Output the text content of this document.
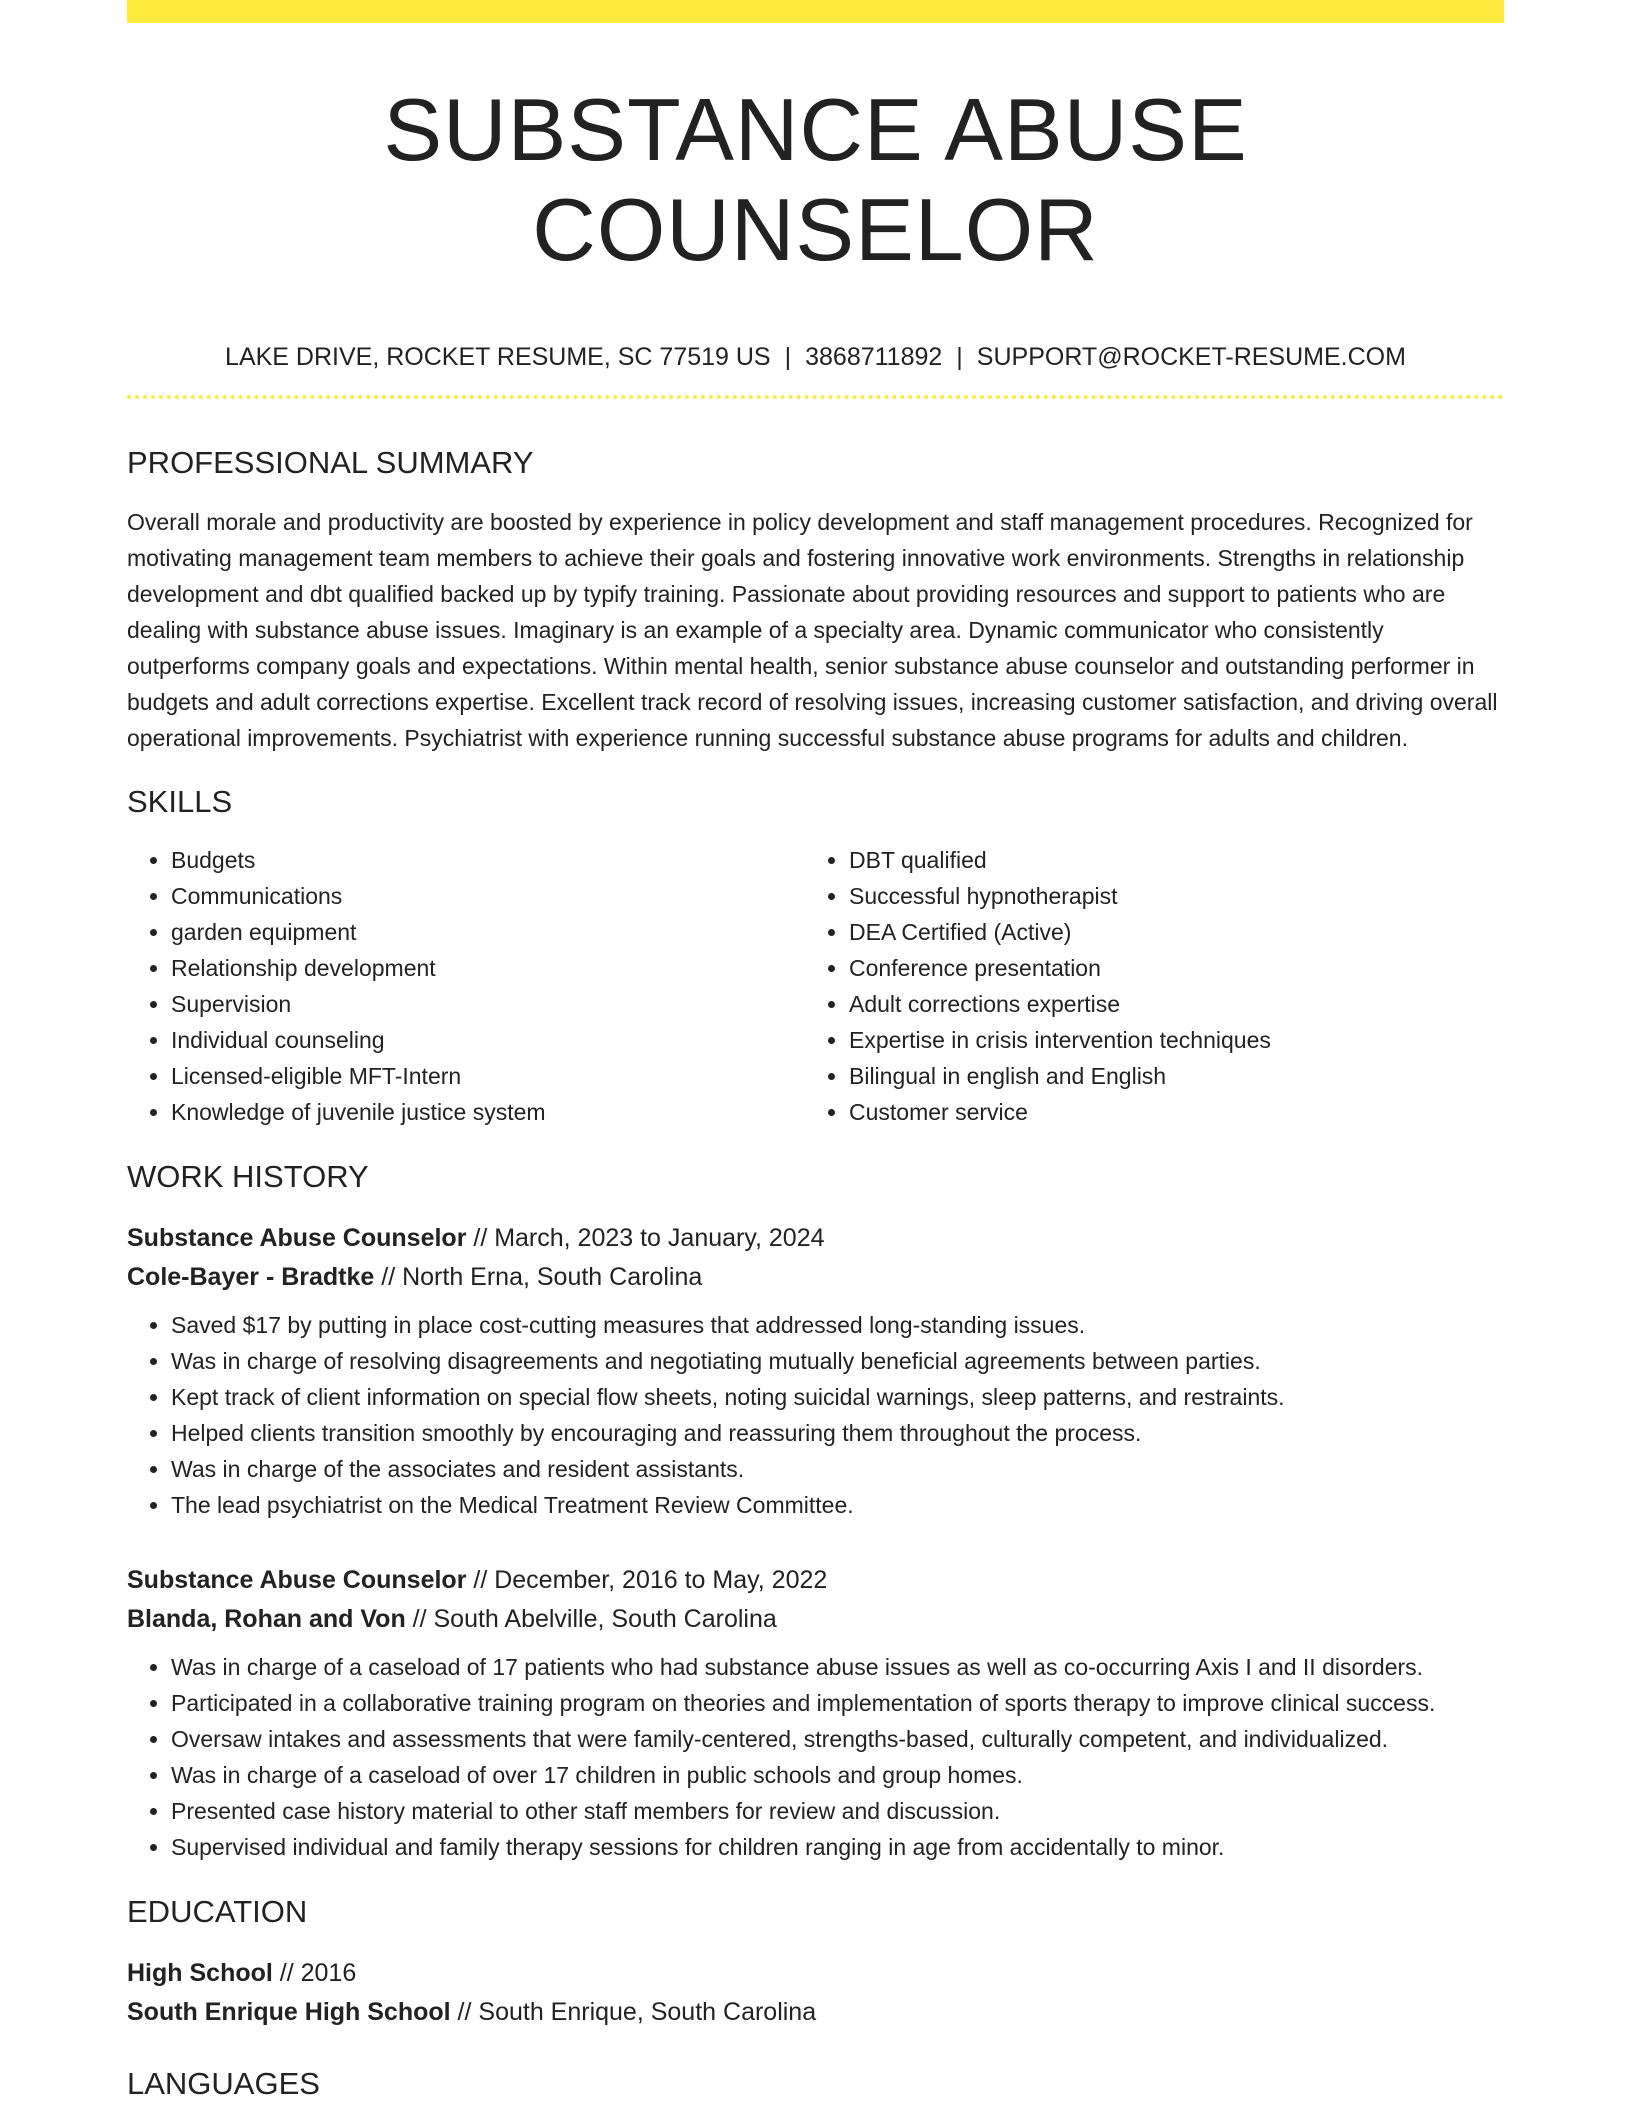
SUBSTANCE ABUSE COUNSELOR
LAKE DRIVE, ROCKET RESUME, SC 77519 US | 3868711892 | SUPPORT@ROCKET-RESUME.COM
PROFESSIONAL SUMMARY

Overall morale and productivity are boosted by experience in policy development and staff management procedures. Recognized for motivating management team members to achieve their goals and fostering innovative work environments. Strengths in relationship development and dbt qualified backed up by typify training. Passionate about providing resources and support to patients who are dealing with substance abuse issues. Imaginary is an example of a specialty area. Dynamic communicator who consistently outperforms company goals and expectations. Within mental health, senior substance abuse counselor and outstanding performer in budgets and adult corrections expertise. Excellent track record of resolving issues, increasing customer satisfaction, and driving overall operational improvements. Psychiatrist with experience running successful substance abuse programs for adults and children.

SKILLS
• Budgets
• Communications
• garden equipment
• Relationship development
• Supervision
• Individual counseling
• Licensed-eligible MFT-Intern
• Knowledge of juvenile justice system
• DBT qualified
• Successful hypnotherapist
• DEA Certified (Active)
• Conference presentation
• Adult corrections expertise
• Expertise in crisis intervention techniques
• Bilingual in english and English
• Customer service
WORK HISTORY
Substance Abuse Counselor // March, 2023 to January, 2024
Cole-Bayer - Bradtke // North Erna, South Carolina
• Saved $17 by putting in place cost-cutting measures that addressed long-standing issues.
• Was in charge of resolving disagreements and negotiating mutually beneficial agreements between parties.
• Kept track of client information on special flow sheets, noting suicidal warnings, sleep patterns, and restraints.
• Helped clients transition smoothly by encouraging and reassuring them throughout the process.
• Was in charge of the associates and resident assistants.
• The lead psychiatrist on the Medical Treatment Review Committee.
Substance Abuse Counselor // December, 2016 to May, 2022
Blanda, Rohan and Von // South Abelville, South Carolina
• Was in charge of a caseload of 17 patients who had substance abuse issues as well as co-occurring Axis I and II disorders.
• Participated in a collaborative training program on theories and implementation of sports therapy to improve clinical success.
• Oversaw intakes and assessments that were family-centered, strengths-based, culturally competent, and individualized.
• Was in charge of a caseload of over 17 children in public schools and group homes.
• Presented case history material to other staff members for review and discussion.
• Supervised individual and family therapy sessions for children ranging in age from accidentally to minor.
EDUCATION
High School // 2016
South Enrique High School // South Enrique, South Carolina
LANGUAGES
